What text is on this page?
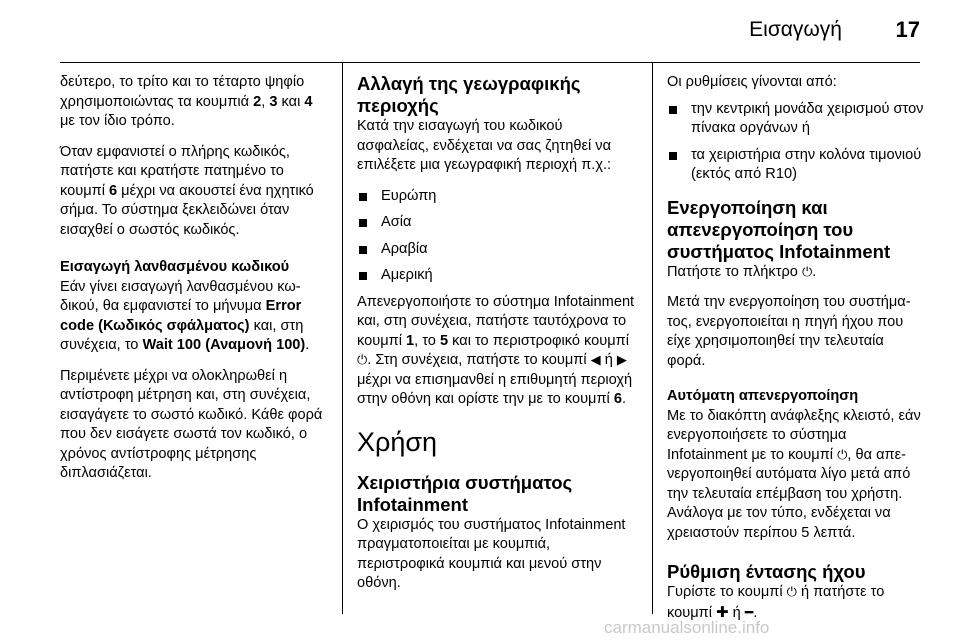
Εισαγωγή 17

δεύτερο, το τρίτο και το τέταρτο ψηφίο χρησιμοποιώντας τα κουμπιά 2, 3 και 4 με τον ίδιο τρόπο.

Όταν εμφανιστεί ο πλήρης κωδικός, πατήστε και κρατήστε πατημένο το κουμπί 6 μέχρι να ακουστεί ένα ηχητικό σήμα. Το σύστημα ξεκλειδώνει όταν εισαχθεί ο σωστός κωδικός.

Εισαγωγή λανθασμένου κωδικού

Εάν γίνει εισαγωγή λανθασμένου κωδικού, θα εμφανιστεί το μήνυμα Error code (Κωδικός σφάλματος) και, στη συνέχεια, το Wait 100 (Αναμονή 100).

Περιμένετε μέχρι να ολοκληρωθεί η αντίστροφη μέτρηση και, στη συνέχεια, εισαγάγετε το σωστό κωδικό. Κάθε φορά που δεν εισάγετε σωστά τον κωδικό, ο χρόνος αντίστροφης μέτρησης διπλασιάζεται.

Αλλαγή της γεωγραφικής περιοχής

Κατά την εισαγωγή του κωδικού ασφαλείας, ενδέχεται να σας ζητηθεί να επιλέξετε μια γεωγραφική περιοχή π.χ.:

Ευρώπη
Ασία
Αραβία
Αμερική

Απενεργοποιήστε το σύστημα Infotainment και, στη συνέχεια, πατήστε ταυτόχρονα το κουμπί 1, το 5 και το περιστροφικό κουμπί ⏻. Στη συνέχεια, πατήστε το κουμπί ◀ ή ▶ μέχρι να επισημανθεί η επιθυμητή περιοχή στην οθόνη και ορίστε την με το κουμπί 6.

Χρήση
Χειριστήρια συστήματος Infotainment

Ο χειρισμός του συστήματος Infotainment πραγματοποιείται με κουμπιά, περιστροφικά κουμπιά και μενού στην οθόνη.

Οι ρυθμίσεις γίνονται από:

την κεντρική μονάδα χειρισμού στον πίνακα οργάνων ή
τα χειριστήρια στην κολόνα τιμονιού (εκτός από R10)
Ενεργοποίηση και απενεργοποίηση του συστήματος Infotainment

Πατήστε το πλήκτρο ⏻.

Μετά την ενεργοποίηση του συστήματος, ενεργοποιείται η πηγή ήχου που είχε χρησιμοποιηθεί την τελευταία φορά.

Αυτόματη απενεργοποίηση

Με το διακόπτη ανάφλεξης κλειστό, εάν ενεργοποιήσετε το σύστημα Infotainment με το κουμπί ⏻, θα απενεργοποιηθεί αυτόματα λίγο μετά από την τελευταία επέμβαση του χρήστη. Ανάλογα με τον τύπο, ενδέχεται να χρειαστούν περίπου 5 λεπτά.

Ρύθμιση έντασης ήχου

Γυρίστε το κουμπί ⏻ ή πατήστε το κουμπί ✚ ή ━.

carmanualsonline.info
